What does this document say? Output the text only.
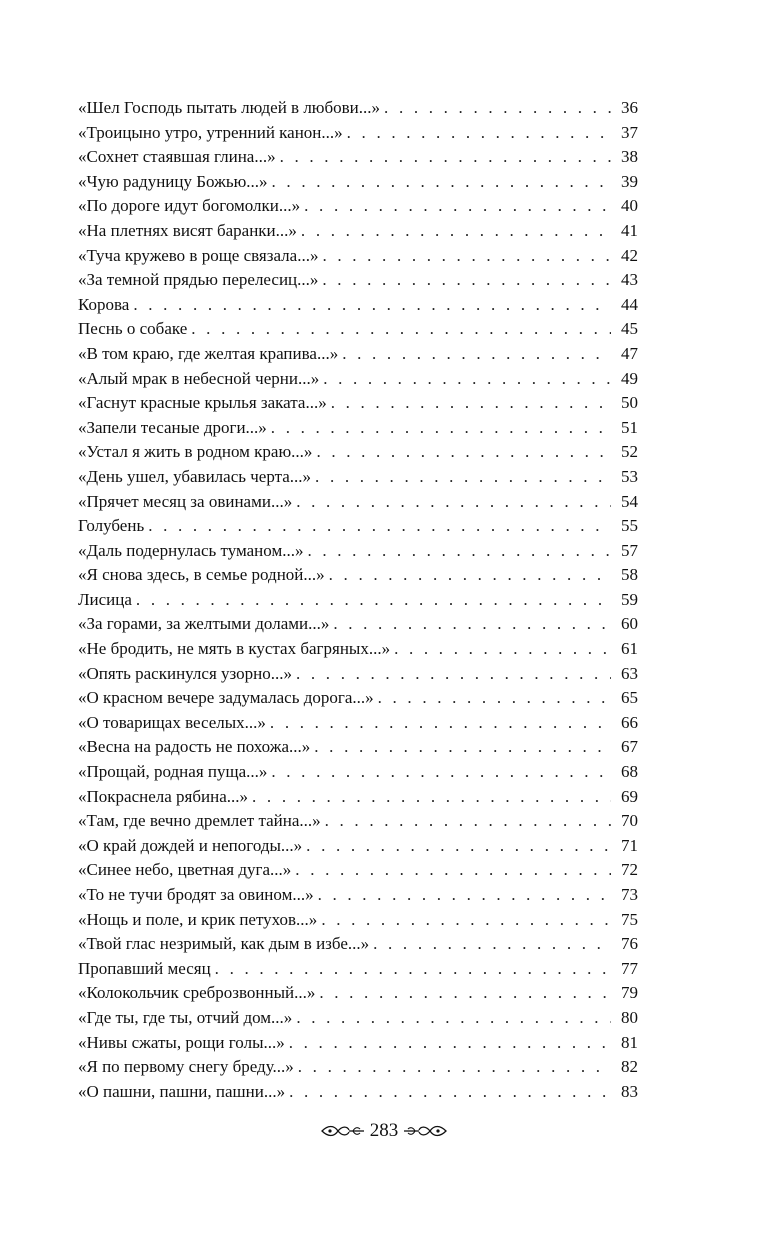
«Шел Господь пытать людей в любови...» . . .	36
«Троицыно утро, утренний канон...» . . .	37
«Сохнет стаявшая глина...» . . .	38
«Чую радуницу Божью...» . . .	39
«По дороге идут богомолки...» . . .	40
«На плетнях висят баранки...» . . .	41
«Туча кружево в роще связала...» . . .	42
«За темной прядью перелесиц...» . . .	43
Корова . . .	44
Песнь о собаке . . .	45
«В том краю, где желтая крапива...» . . .	47
«Алый мрак в небесной черни...» . . .	49
«Гаснут красные крылья заката...» . . .	50
«Запели тесаные дроги...» . . .	51
«Устал я жить в родном краю...» . . .	52
«День ушел, убавилась черта...» . . .	53
«Прячет месяц за овинами...» . . .	54
Голубень . . .	55
«Даль подернулась туманом...» . . .	57
«Я снова здесь, в семье родной...» . . .	58
Лисица . . .	59
«За горами, за желтыми долами...» . . .	60
«Не бродить, не мять в кустах багряных...» . . .	61
«Опять раскинулся узорно...» . . .	63
«О красном вечере задумалась дорога...» . . .	65
«О товарищах веселых...» . . .	66
«Весна на радость не похожа...» . . .	67
«Прощай, родная пуща...» . . .	68
«Покраснела рябина...» . . .	69
«Там, где вечно дремлет тайна...» . . .	70
«О край дождей и непогоды...» . . .	71
«Синее небо, цветная дуга...» . . .	72
«То не тучи бродят за овином...» . . .	73
«Нощь и поле, и крик петухов...» . . .	75
«Твой глас незримый, как дым в избе...» . . .	76
Пропавший месяц . . .	77
«Колокольчик среброзвонный...» . . .	79
«Где ты, где ты, отчий дом...» . . .	80
«Нивы сжаты, рощи голы...» . . .	81
«Я по первому снегу бреду...» . . .	82
«О пашни, пашни, пашни...» . . .	83
283
